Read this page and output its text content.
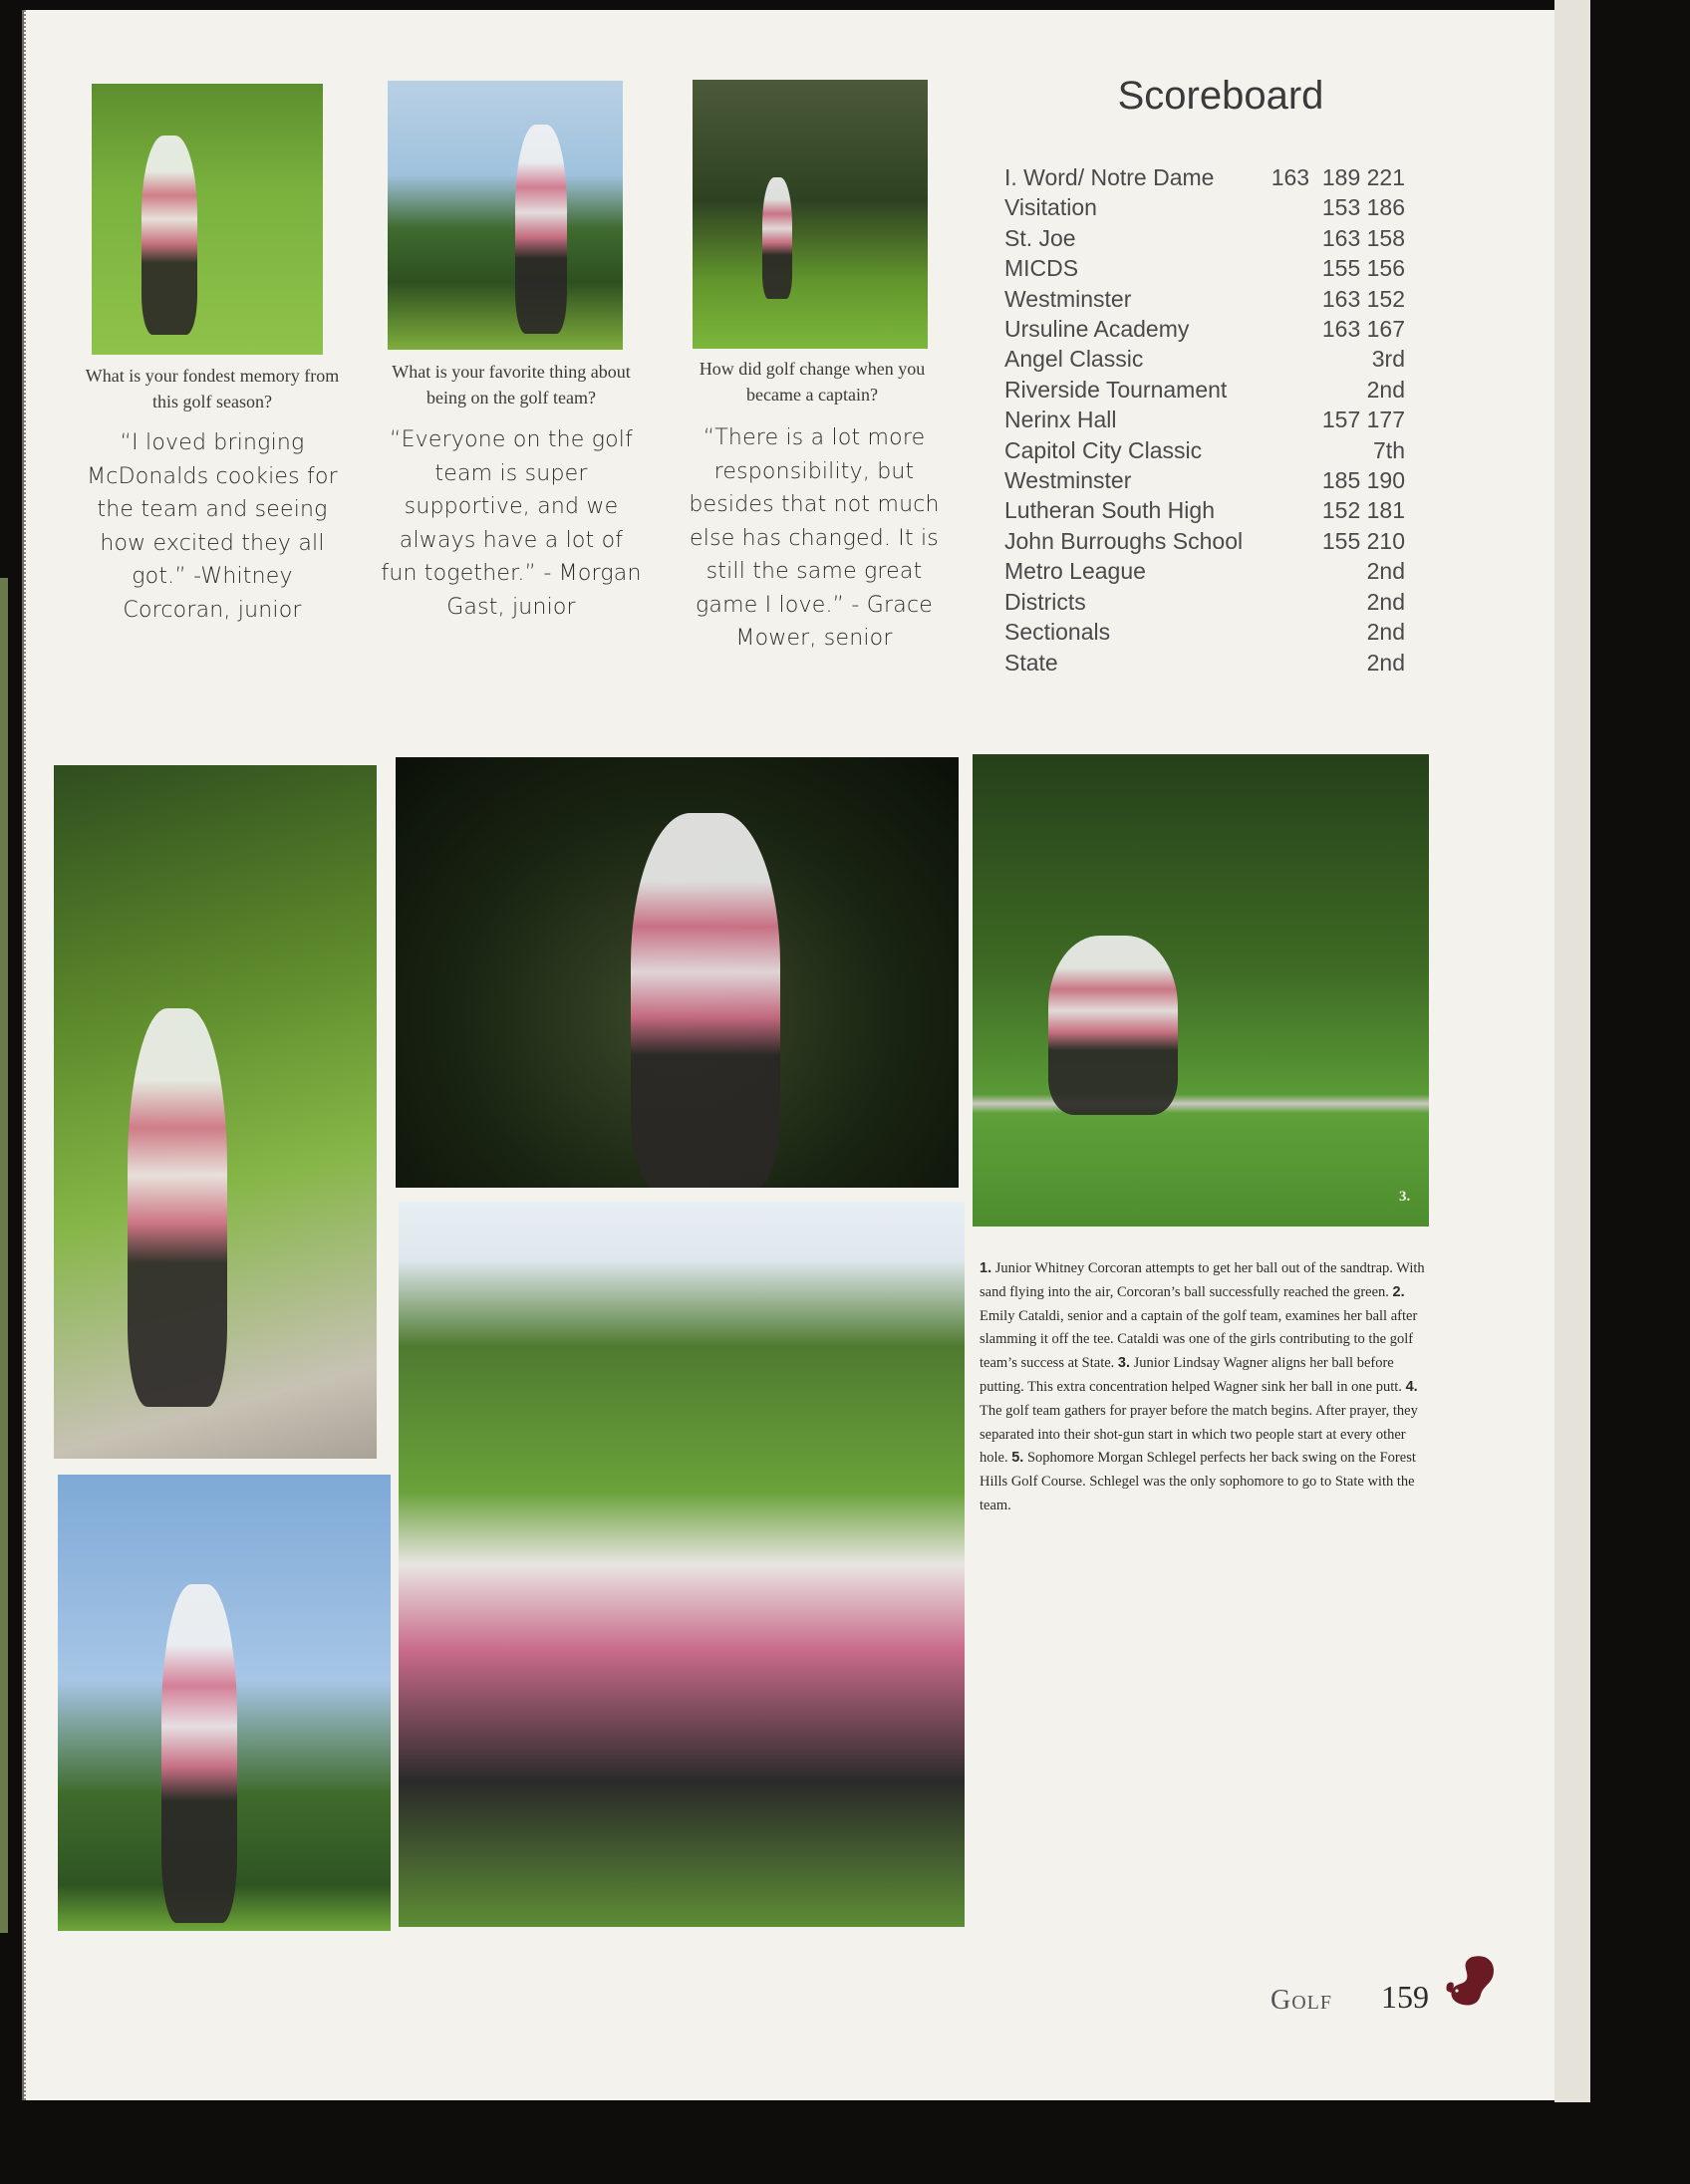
What is your fondest memory from this golf season?
“I loved bringing McDonalds cookies for the team and seeing how excited they all got.” -Whitney Corcoran, junior
What is your favorite thing about being on the golf team?
“Everyone on the golf team is super supportive, and we always have a lot of fun together.” - Morgan Gast, junior
How did golf change when you became a captain?
“There is a lot more responsibility, but besides that not much else has changed. It is still the same great game I love.” - Grace Mower, senior
Scoreboard
I. Word/ Notre Dame	163  189 221
Visitation	153 186
St. Joe	163 158
MICDS	155 156
Westminster	163 152
Ursuline Academy	163 167
Angel Classic	3rd
Riverside Tournament	2nd
Nerinx Hall	157 177
Capitol City Classic	7th
Westminster	185 190
Lutheran South High	152 181
John Burroughs School	155 210
Metro League	2nd
Districts	2nd
Sectionals	2nd
State	2nd
3.
1. Junior Whitney Corcoran attempts to get her ball out of the sandtrap. With sand flying into the air, Corcoran’s ball successfully reached the green. 2. Emily Cataldi, senior and a captain of the golf team, examines her ball after slamming it off the tee. Cataldi was one of the girls contributing to the golf team’s success at State. 3. Junior Lindsay Wagner aligns her ball before putting. This extra concentration helped Wagner sink her ball in one putt. 4. The golf team gathers for prayer before the match begins. After prayer, they separated into their shot-gun start in which two people start at every other hole. 5. Sophomore Morgan Schlegel perfects her back swing on the Forest Hills Golf Course. Schlegel was the only sophomore to go to State with the team.
Golf 159
